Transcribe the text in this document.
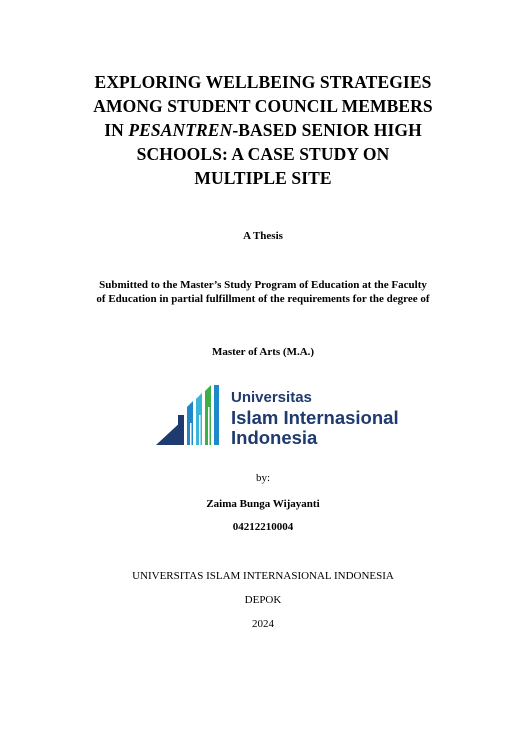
EXPLORING WELLBEING STRATEGIES
AMONG STUDENT COUNCIL MEMBERS
IN PESANTREN-BASED SENIOR HIGH
SCHOOLS: A CASE STUDY ON
MULTIPLE SITE
A Thesis
Submitted to the Master’s Study Program of Education at the Faculty
of Education in partial fulfillment of the requirements for the degree of
Master of Arts (M.A.)
Universitas
Islam Internasional
Indonesia
by:
Zaima Bunga Wijayanti
04212210004
UNIVERSITAS ISLAM INTERNASIONAL INDONESIA
DEPOK
2024
